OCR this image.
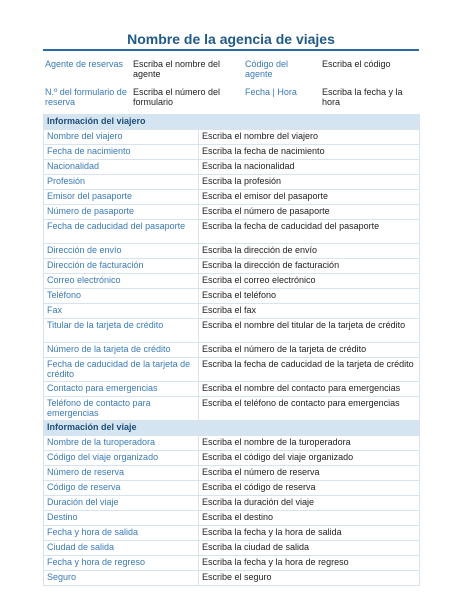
Nombre de la agencia de viajes
Agente de reservas	Escriba el nombre del agente	Código del agente	Escriba el código
N.º del formulario de reserva	Escriba el número del formulario	Fecha | Hora	Escriba la fecha y la hora
Información del viajero	
Nombre del viajero	Escriba el nombre del viajero
Fecha de nacimiento	Escriba la fecha de nacimiento
Nacionalidad	Escriba la nacionalidad
Profesión	Escriba la profesión
Emisor del pasaporte	Escriba el emisor del pasaporte
Número de pasaporte	Escriba el número de pasaporte
Fecha de caducidad del pasaporte	Escriba la fecha de caducidad del pasaporte
Dirección de envío	Escriba la dirección de envío
Dirección de facturación	Escriba la dirección de facturación
Correo electrónico	Escriba el correo electrónico
Teléfono	Escriba el teléfono
Fax	Escriba el fax
Titular de la tarjeta de crédito	Escriba el nombre del titular de la tarjeta de crédito
Número de la tarjeta de crédito	Escriba el número de la tarjeta de crédito
Fecha de caducidad de la tarjeta de crédito	Escriba la fecha de caducidad de la tarjeta de crédito
Contacto para emergencias	Escriba el nombre del contacto para emergencias
Teléfono de contacto para emergencias	Escriba el teléfono de contacto para emergencias
Información del viaje	
Nombre de la turoperadora	Escriba el nombre de la turoperadora
Código del viaje organizado	Escriba el código del viaje organizado
Número de reserva	Escriba el número de reserva
Código de reserva	Escriba el código de reserva
Duración del viaje	Escriba la duración del viaje
Destino	Escriba el destino
Fecha y hora de salida	Escriba la fecha y la hora de salida
Ciudad de salida	Escriba la ciudad de salida
Fecha y hora de regreso	Escriba la fecha y la hora de regreso
Seguro	Escribe el seguro
